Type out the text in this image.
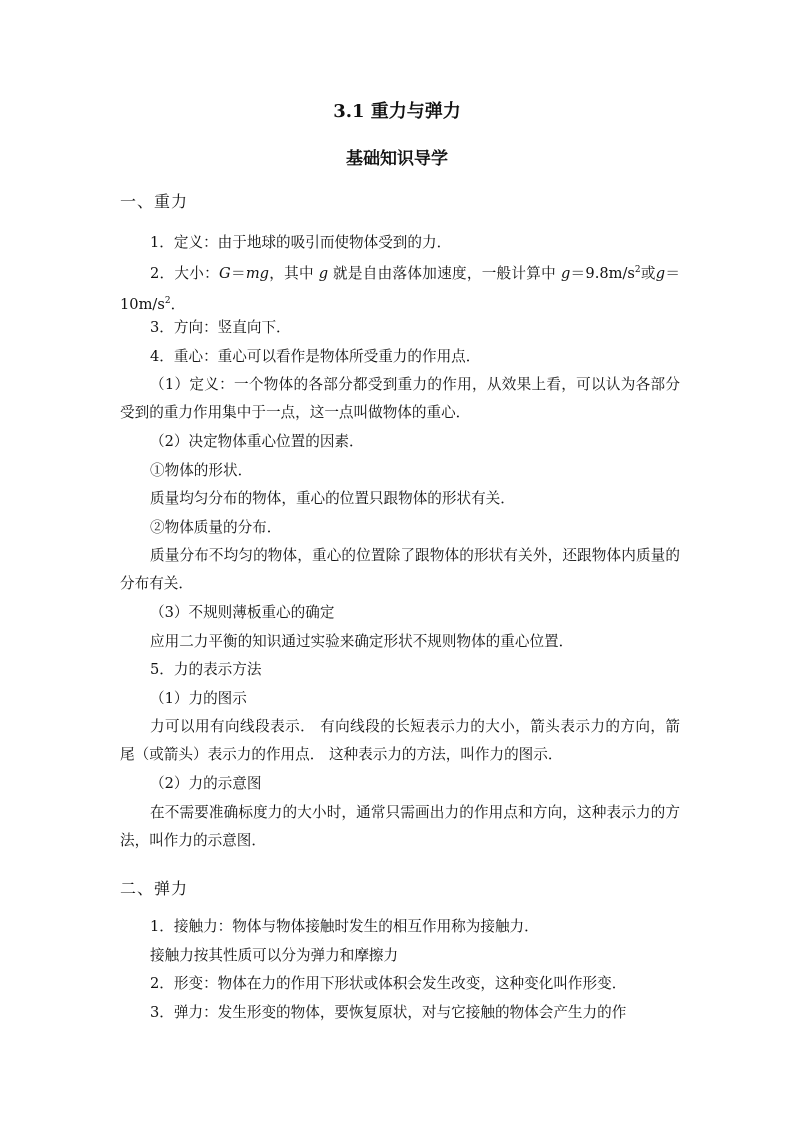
3.1 重力与弹力
基础知识导学
一、重力
1．定义：由于地球的吸引而使物体受到的力．
2．大小：G＝mg，其中 g 就是自由落体加速度，一般计算中 $g=9.8m/s^2$或$g=10m/s^2$．
3．方向：竖直向下．
4．重心：重心可以看作是物体所受重力的作用点．
（1）定义：一个物体的各部分都受到重力的作用，从效果上看，可以认为各部分受到的重力作用集中于一点，这一点叫做物体的重心．
（2）决定物体重心位置的因素．
①物体的形状．
质量均匀分布的物体，重心的位置只跟物体的形状有关．
②物体质量的分布．
质量分布不均匀的物体，重心的位置除了跟物体的形状有关外，还跟物体内质量的分布有关．
（3）不规则薄板重心的确定
应用二力平衡的知识通过实验来确定形状不规则物体的重心位置．
5．力的表示方法
（1）力的图示
力可以用有向线段表示． 有向线段的长短表示力的大小，箭头表示力的方向，箭尾（或箭头）表示力的作用点． 这种表示力的方法，叫作力的图示．
（2）力的示意图
在不需要准确标度力的大小时，通常只需画出力的作用点和方向，这种表示力的方法，叫作力的示意图．
二、弹力
1．接触力：物体与物体接触时发生的相互作用称为接触力．
接触力按其性质可以分为弹力和摩擦力
2．形变：物体在力的作用下形状或体积会发生改变，这种变化叫作形变．
3．弹力：发生形变的物体，要恢复原状，对与它接触的物体会产生力的作
